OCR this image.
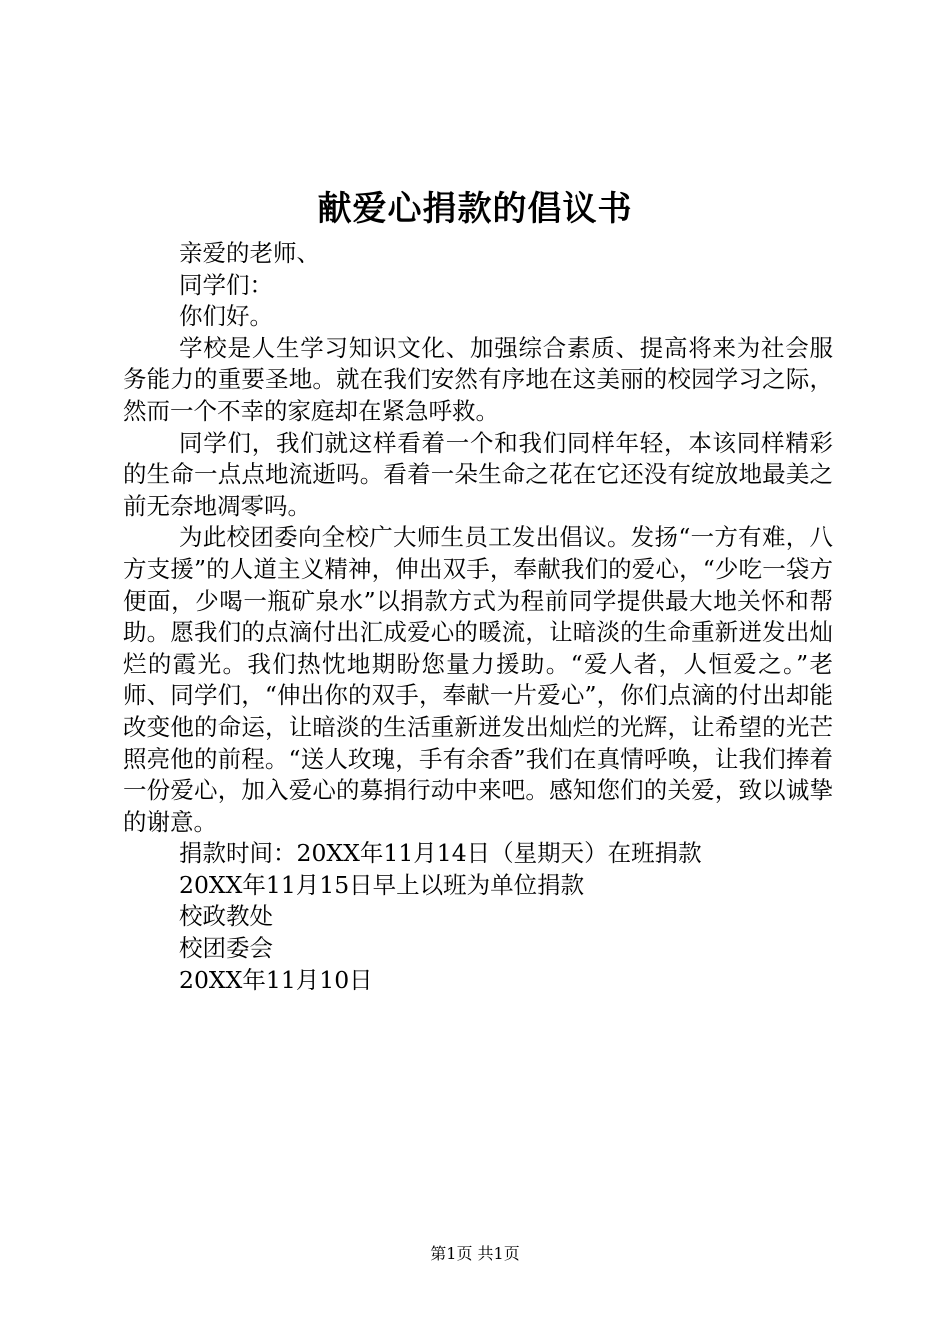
献爱心捐款的倡议书

亲爱的老师、

同学们：

你们好。

学校是人生学习知识文化、加强综合素质、提高将来为社会服务能力的重要圣地。就在我们安然有序地在这美丽的校园学习之际，然而一个不幸的家庭却在紧急呼救。

同学们，我们就这样看着一个和我们同样年轻，本该同样精彩的生命一点点地流逝吗。看着一朵生命之花在它还没有绽放地最美之前无奈地凋零吗。

为此校团委向全校广大师生员工发出倡议。发扬“一方有难，八方支援”的人道主义精神，伸出双手，奉献我们的爱心，“少吃一袋方便面，少喝一瓶矿泉水”以捐款方式为程前同学提供最大地关怀和帮助。愿我们的点滴付出汇成爱心的暖流，让暗淡的生命重新迸发出灿烂的霞光。我们热忱地期盼您量力援助。“爱人者，人恒爱之。”老师、同学们，“伸出你的双手，奉献一片爱心”，你们点滴的付出却能改变他的命运，让暗淡的生活重新迸发出灿烂的光辉，让希望的光芒照亮他的前程。“送人玫瑰，手有余香”我们在真情呼唤，让我们捧着一份爱心，加入爱心的募捐行动中来吧。感知您们的关爱，致以诚挚的谢意。

捐款时间：20XX年11月14日（星期天）在班捐款

20XX年11月15日早上以班为单位捐款

校政教处

校团委会

20XX年11月10日

第1页 共1页
